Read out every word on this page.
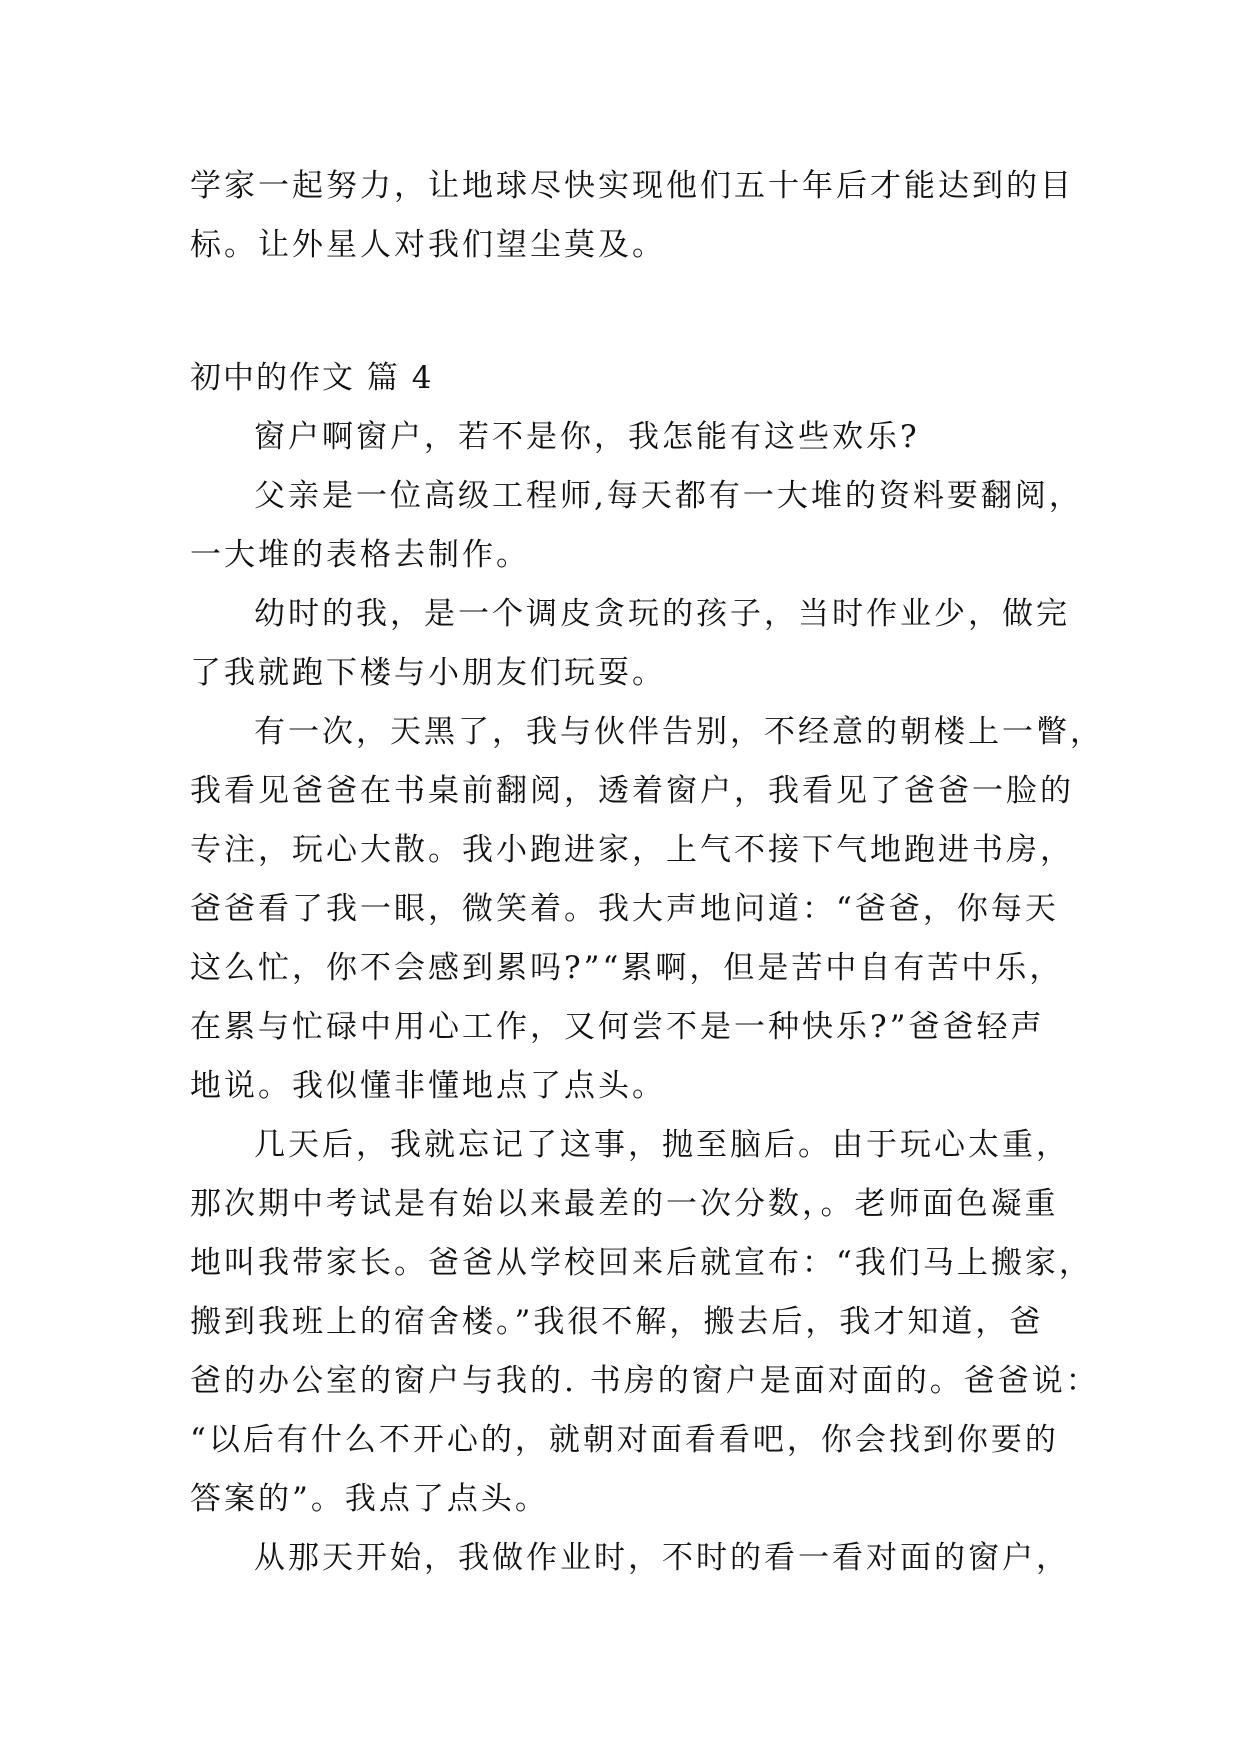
学家一起努力，让地球尽快实现他们五十年后才能达到的目
标。让外星人对我们望尘莫及。
初中的作文 篇 4
窗户啊窗户，若不是你，我怎能有这些欢乐?
父亲是一位高级工程师,每天都有一大堆的资料要翻阅，
一大堆的表格去制作。
幼时的我，是一个调皮贪玩的孩子，当时作业少，做完
了我就跑下楼与小朋友们玩耍。
有一次，天黑了，我与伙伴告别，不经意的朝楼上一瞥，
我看见爸爸在书桌前翻阅，透着窗户，我看见了爸爸一脸的
专注，玩心大散。我小跑进家，上气不接下气地跑进书房，
爸爸看了我一眼，微笑着。我大声地问道：“爸爸，你每天
这么忙，你不会感到累吗?”“累啊，但是苦中自有苦中乐，
在累与忙碌中用心工作，又何尝不是一种快乐?”爸爸轻声
地说。我似懂非懂地点了点头。
几天后，我就忘记了这事，抛至脑后。由于玩心太重，
那次期中考试是有始以来最差的一次分数，。老师面色凝重
地叫我带家长。爸爸从学校回来后就宣布：“我们马上搬家，
搬到我班上的宿舍楼。”我很不解，搬去后，我才知道，爸
爸的办公室的窗户与我的. 书房的窗户是面对面的。爸爸说：
“以后有什么不开心的，就朝对面看看吧，你会找到你要的
答案的”。我点了点头。
从那天开始，我做作业时，不时的看一看对面的窗户，
